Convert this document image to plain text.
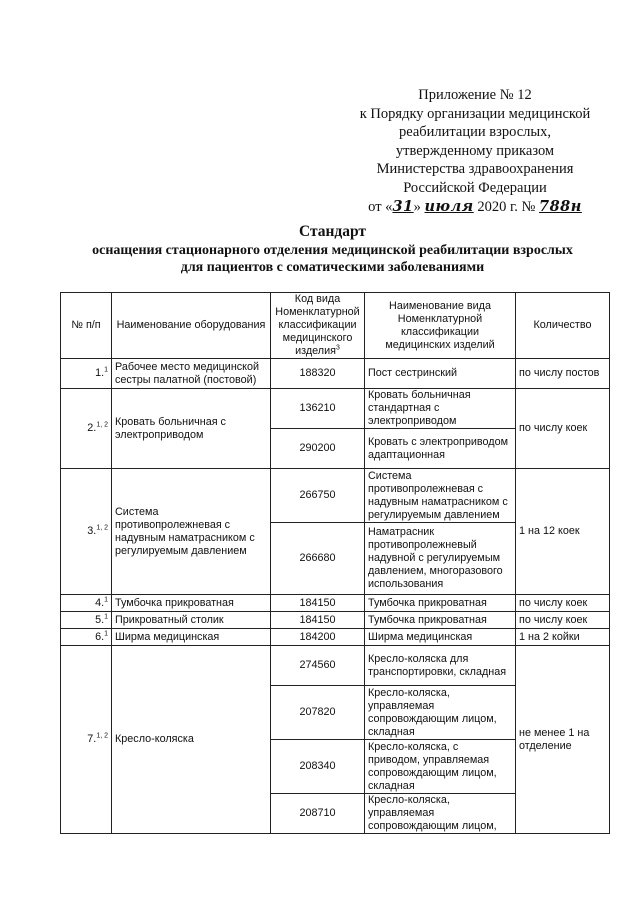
Приложение № 12
к Порядку организации медицинской
реабилитации взрослых,
утвержденному приказом
Министерства здравоохранения
Российской Федерации
от «31» июля 2020 г. № 788н
Стандарт
оснащения стационарного отделения медицинской реабилитации взрослых
для пациентов с соматическими заболеваниями
№ п/п	Наименование оборудования	Код вида Номенклатурной классификации медицинского изделия$^3$	Наименование вида Номенклатурной классификации медицинских изделий	Количество
1.$^1$	Рабочее место медицинской сестры палатной (постовой)	188320	Пост сестринский	по числу постов
2.$^{1, 2}$	Кровать больничная с электроприводом	136210	Кровать больничная стандартная с электроприводом	по числу коек
		290200	Кровать с электроприводом адаптационная	
3.$^{1, 2}$	Система противопролежневая с надувным наматрасником с регулируемым давлением	266750	Система противопролежневая с надувным наматрасником с регулируемым давлением	1 на 12 коек
		266680	Наматрасник противопролежневый надувной с регулируемым давлением, многоразового использования	
4.$^1$	Тумбочка прикроватная	184150	Тумбочка прикроватная	по числу коек
5.$^1$	Прикроватный столик	184150	Тумбочка прикроватная	по числу коек
6.$^1$	Ширма медицинская	184200	Ширма медицинская	1 на 2 койки
7.$^{1, 2}$	Кресло-коляска	274560	Кресло-коляска для транспортировки, складная	не менее 1 на отделение
		207820	Кресло-коляска, управляемая сопровождающим лицом, складная	
		208340	Кресло-коляска, с приводом, управляемая сопровождающим лицом, складная	
		208710	Кресло-коляска, управляемая сопровождающим лицом,	
